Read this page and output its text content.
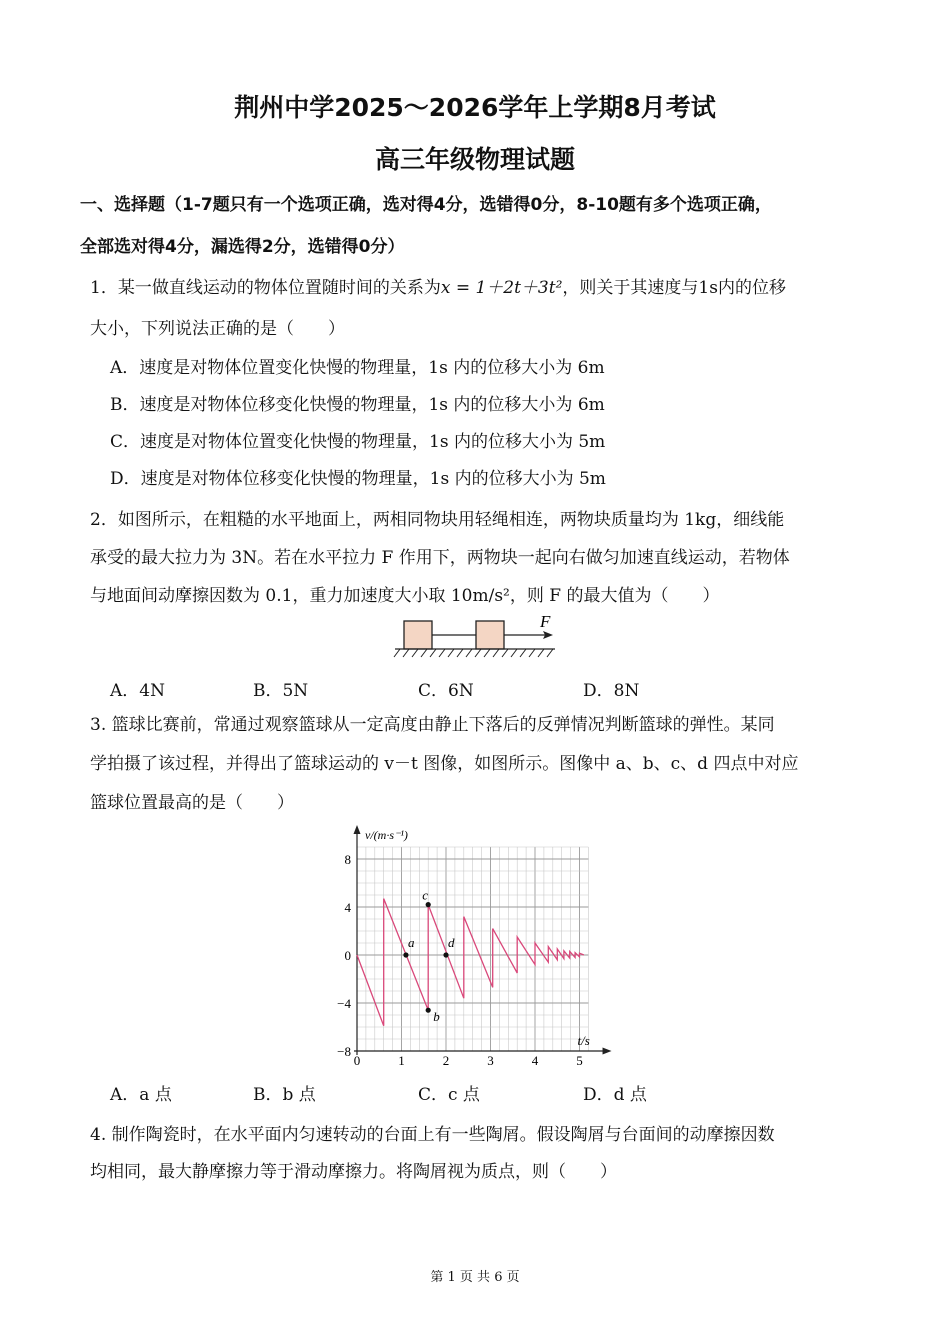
荆州中学2025～2026学年上学期8月考试
高三年级物理试题
一、选择题（1-7题只有一个选项正确，选对得4分，选错得0分，8-10题有多个选项正确，
全部选对得4分，漏选得2分，选错得0分）
1．某一做直线运动的物体位置随时间的关系为x = 1＋2t＋3t²，则关于其速度与1s内的位移
大小，下列说法正确的是（　　）
A．速度是对物体位置变化快慢的物理量，1s 内的位移大小为 6m
B．速度是对物体位移变化快慢的物理量，1s 内的位移大小为 6m
C．速度是对物体位置变化快慢的物理量，1s 内的位移大小为 5m
D．速度是对物体位移变化快慢的物理量，1s 内的位移大小为 5m
2．如图所示，在粗糙的水平地面上，两相同物块用轻绳相连，两物块质量均为 1kg，细线能
承受的最大拉力为 3N。若在水平拉力 F 作用下，两物块一起向右做匀加速直线运动，若物体
与地面间动摩擦因数为 0.1，重力加速度大小取 10m/s²，则 F 的最大值为（　　）
F
A．4N	B．5N	C．6N	D．8N
3. 篮球比赛前，常通过观察篮球从一定高度由静止下落后的反弹情况判断篮球的弹性。某同
学拍摄了该过程，并得出了篮球运动的 v－t 图像，如图所示。图像中 a、b、c、d 四点中对应
篮球位置最高的是（　　）
8
4
0
−4
−8
0	1	2	3	4	5
v/(m·s⁻¹)
t/s
a
b
c
d
A．a 点	B．b 点	C．c 点	D．d 点
4. 制作陶瓷时，在水平面内匀速转动的台面上有一些陶屑。假设陶屑与台面间的动摩擦因数
均相同，最大静摩擦力等于滑动摩擦力。将陶屑视为质点，则（　　）
第 1 页 共 6 页
